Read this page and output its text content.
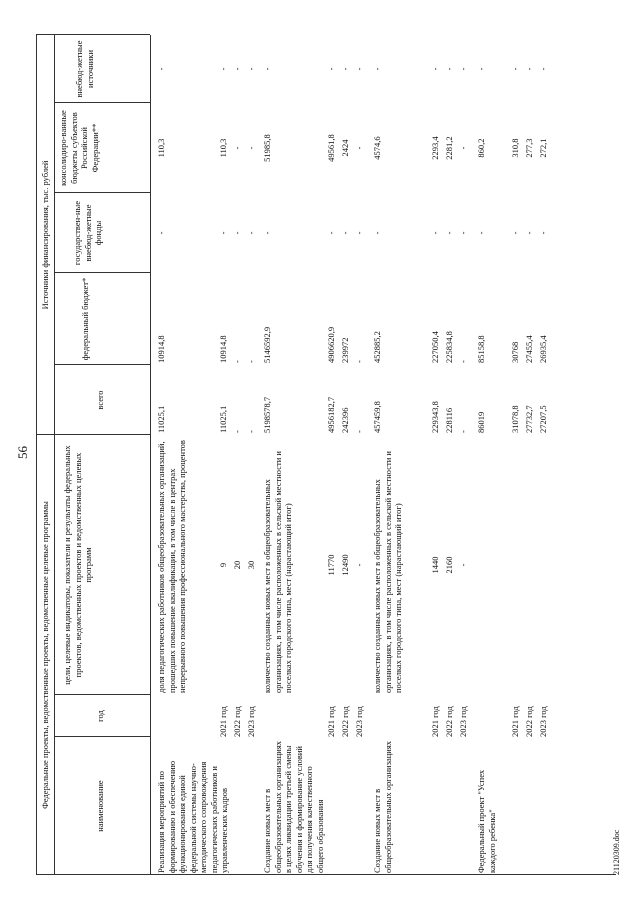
56
Федеральные проекты, ведомственные проекты, ведомственные целевые программы
Источники финансирования, тыс. рублей
наименование
год
цели, целевые индикаторы, показатели и результаты федеральных проектов, ведомственных проектов и ведомственных целевых программ
всего
федеральный бюджет*
государствен-ные внебюд-жетные фонды
консолидиро-ванные бюджеты субъектов Российской Федерации**
внебюд-жетные источники
Реализация мероприятий по формированию и обеспечению функционирования единой федеральной системы научно-методического сопровождения педагогических работников и управленческих кадров
доля педагогических работников общеобразовательных организаций, прошедших повышение квалификации, в том числе в центрах непрерывного повышения профессионального мастерства, процентов
11025,1
10914,8
-
110,3
-
2021 год
9
11025,1
10914,8
-
110,3
-
2022 год
20
-
-
-
-
-
2023 год
30
-
-
-
-
-
Создание новых мест в общеобразовательных организациях в целях ликвидации третьей смены обучения и формирование условий для получения качественного общего образования
количество созданных новых мест в общеобразовательных организациях, в том числе расположенных в сельской местности и поселках городского типа, мест (нарастающий итог)
5198578,7
5146592,9
-
51985,8
-
2021 год
11770
4956182,7
4906620,9
-
49561,8
-
2022 год
12490
242396
239972
-
2424
-
2023 год
-
-
-
-
-
-
Создание новых мест в общеобразовательных организациях
количество созданных новых мест в общеобразовательных организациях, в том числе расположенных в сельской местности и поселках городского типа, мест (нарастающий итог)
457459,8
452885,2
-
4574,6
-
2021 год
1440
229343,8
227050,4
-
2293,4
-
2022 год
2160
228116
225834,8
-
2281,2
-
2023 год
-
-
-
-
-
-
Федеральный проект "Успех каждого ребенка"
86019
85158,8
-
860,2
-
2021 год
31078,8
30768
-
310,8
-
2022 год
27732,7
27455,4
-
277,3
-
2023 год
27207,5
26935,4
-
272,1
-
21120309.doc
